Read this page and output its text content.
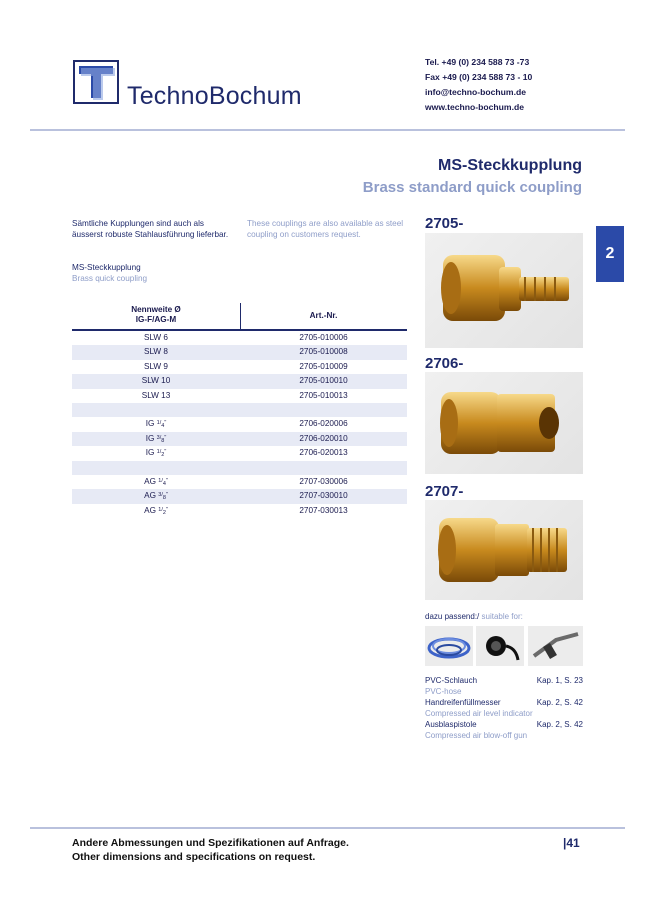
TechnoBochum
Tel. +49 (0) 234 588 73 -73
Fax +49 (0) 234 588 73 - 10
info@techno-bochum.de
www.techno-bochum.de
MS-Steckkupplung
Brass standard quick coupling
2
Sämtliche Kupplungen sind auch als äusserst robuste Stahlausführung lieferbar.
These couplings are also available as steel coupling on customers request.
MS-Steckkupplung
Brass quick coupling
Nennweite Ø
IG-F/AG-M	Art.-Nr.
SLW 6	2705-010006
SLW 8	2705-010008
SLW 9	2705-010009
SLW 10	2705-010010
SLW 13	2705-010013
IG $^{1/4"}$	2706-020006
IG $^{3/8"}$	2706-020010
IG $^{1/2"}$	2706-020013
AG $^{1/4"}$	2707-030006
AG $^{3/8"}$	2707-030010
AG $^{1/2"}$	2707-030013
2705-
2706-
2707-
dazu passend:/ suitable for:
PVC-Schlauch
PVC-hose
Kap. 1, S. 23
Handreifenfüllmesser
Compressed air level indicator
Kap. 2, S. 42
Ausblaspistole
Compressed air blow-off gun
Kap. 2, S. 42
Andere Abmessungen und Spezifikationen auf Anfrage.
Other dimensions and specifications on request.
|41
